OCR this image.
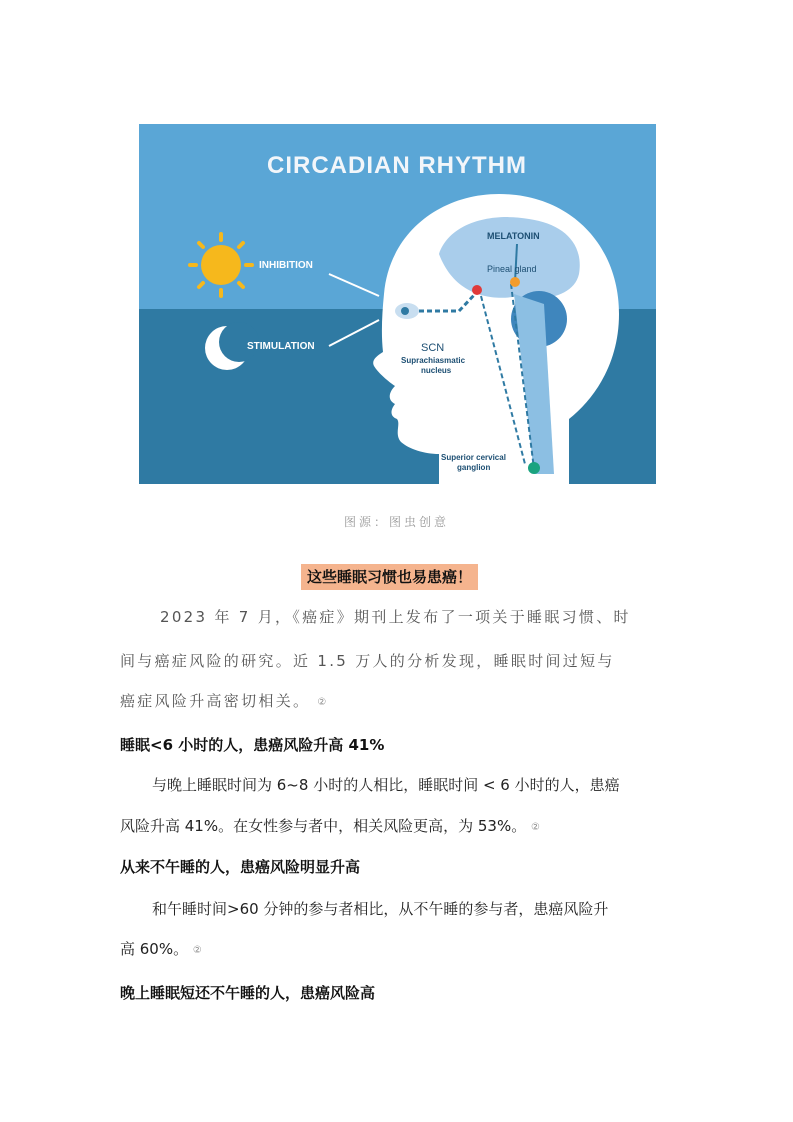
CIRCADIAN RHYTHM
INHIBITION
STIMULATION
MELATONIN
Pineal gland
SCN
Suprachiasmatic
nucleus
Superior cervical
ganglion
图源：图虫创意
这些睡眠习惯也易患癌！
2023 年 7 月，《癌症》期刊上发布了一项关于睡眠习惯、时
间与癌症风险的研究。近 1.5 万人的分析发现，睡眠时间过短与
癌症风险升高密切相关。 ②
睡眠<6 小时的人，患癌风险升高 41%
与晚上睡眠时间为 6~8 小时的人相比，睡眠时间 < 6 小时的人，患癌
风险升高 41%。在女性参与者中，相关风险更高，为 53%。 ②
从来不午睡的人，患癌风险明显升高
和午睡时间>60 分钟的参与者相比，从不午睡的参与者，患癌风险升
高 60%。 ②
晚上睡眠短还不午睡的人，患癌风险高
